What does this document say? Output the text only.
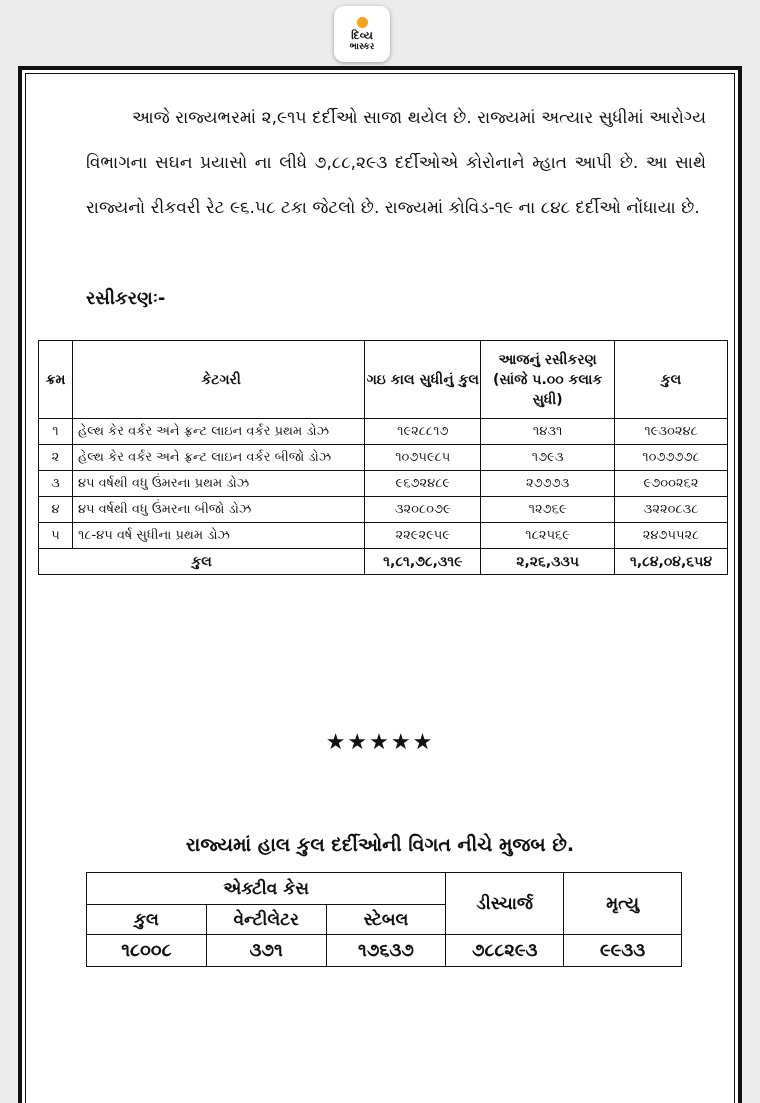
દિવ્ય
ભાસ્કર

આજે રાજ્યભરમાં ૨,૯૧૫ દર્દીઓ સાજા થયેલ છે. રાજ્યમાં અત્યાર સુધીમાં આરોગ્ય વિભાગના સઘન પ્રયાસો ના લીધે ૭,૮૮,૨૯૩ દર્દીઓએ કોરોનાને મ્હાત આપી છે. આ સાથે રાજ્યનો રીકવરી રેટ ૯૬.૫૮ ટકા જેટલો છે. રાજ્યમાં કોવિડ-૧૯ ના ૮૪૮ દર્દીઓ નોંધાયા છે.

રસીકરણઃ-
ક્રમ	કેટગરી	ગઇ કાલ સુધીનું કુલ	આજનું રસીકરણ (સાંજે ૫.૦૦ કલાક સુધી)	કુલ
૧	હેલ્થ કેર વર્કર અને ફ્રન્ટ લાઇન વર્કર પ્રથમ ડોઝ	૧૯૨૮૮૧૭	૧૪૩૧	૧૯૩૦૨૪૮
૨	હેલ્થ કેર વર્કર અને ફ્રન્ટ લાઇન વર્કર બીજો ડોઝ	૧૦૭૫૯૮૫	૧૭૯૩	૧૦૭૭૭૭૮
૩	૪૫ વર્ષથી વધુ ઉંમરના પ્રથમ ડોઝ	૯૬૭૨૪૮૯	૨૭૭૭૩	૯૭૦૦૨૬૨
૪	૪૫ વર્ષથી વધુ ઉંમરના બીજો ડોઝ	૩૨૦૮૦૭૯	૧૨૭૬૯	૩૨૨૦૮૩૮
૫	૧૮-૪૫ વર્ષ સુધીના પ્રથમ ડોઝ	૨૨૯૨૯૫૯	૧૮૨૫૬૯	૨૪૭૫૫૨૮
કુલ		૧,૮૧,૭૮,૩૧૯	૨,૨૬,૩૩૫	૧,૮૪,૦૪,૬૫૪
★★★★★
રાજ્યમાં હાલ કુલ દર્દીઓની વિગત નીચે મુજબ છે.
એક્ટીવ કેસ			ડીસ્ચાર્જ	મૃત્યુ
કુલ	વેન્ટીલેટર	સ્ટેબલ		
૧૮૦૦૮	૩૭૧	૧૭૬૩૭	૭૮૮૨૯૩	૯૯૩૩
